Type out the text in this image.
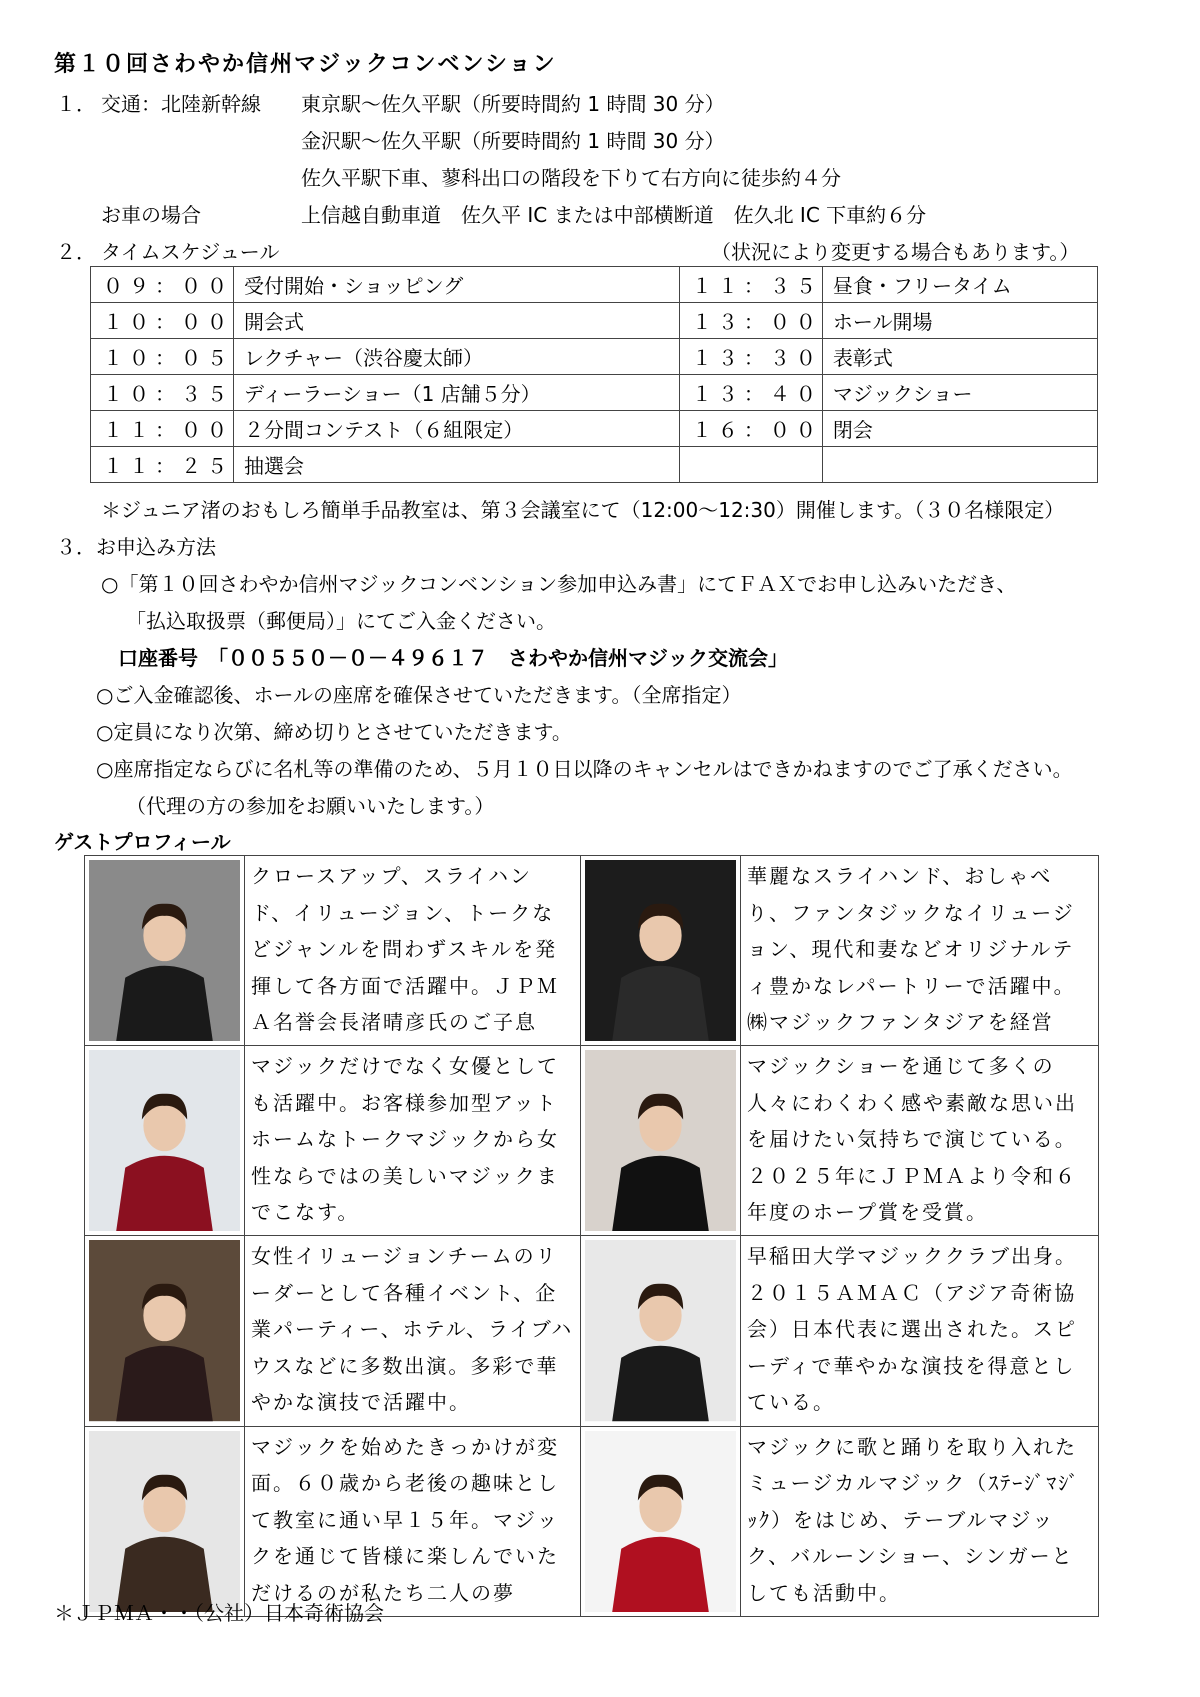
第１０回さわやか信州マジックコンベンション
１． 交通：北陸新幹線 東京駅～佐久平駅（所要時間約 1 時間 30 分）
金沢駅～佐久平駅（所要時間約 1 時間 30 分）
佐久平駅下車、蓼科出口の階段を下りて右方向に徒歩約４分
お車の場合	上信越自動車道　佐久平 IC または中部横断道　佐久北 IC 下車約６分
２． タイムスケジュール	（状況により変更する場合もあります。）
０９：００	受付開始・ショッピング	１１：３５	昼食・フリータイム
１０：００	開会式	１３：００	ホール開場
１０：０５	レクチャー（渋谷慶太師）	１３：３０	表彰式
１０：３５	ディーラーショー（1 店舗５分）	１３：４０	マジックショー
１１：００	２分間コンテスト（６組限定）	１６：００	閉会
１１：２５	抽選会		
＊ジュニア渚のおもしろ簡単手品教室は、第３会議室にて（12:00～12:30）開催します。（３０名様限定）
３． お申込み方法
○「第１０回さわやか信州マジックコンベンション参加申込み書」にてＦＡＸでお申し込みいただき、
「払込取扱票（郵便局）」にてご入金ください。
口座番号　「００５５０－０－４９６１７　さわやか信州マジック交流会」
○ご入金確認後、ホールの座席を確保させていただきます。（全席指定）
○定員になり次第、締め切りとさせていただきます。
○座席指定ならびに名札等の準備のため、５月１０日以降のキャンセルはできかねますのでご了承ください。
（代理の方の参加をお願いいたします。）
ゲストプロフィール
	クロースアップ、スライハンド、イリュージョン、トークなどジャンルを問わずスキルを発揮して各方面で活躍中。ＪＰＭＡ名誉会長渚晴彦氏のご子息		華麗なスライハンド、おしゃべり、ファンタジックなイリュージョン、現代和妻などオリジナルティ豊かなレパートリーで活躍中。㈱マジックファンタジアを経営

	マジックだけでなく女優としても活躍中。お客様参加型アットホームなトークマジックから女性ならではの美しいマジックまでこなす。		マジックショーを通じて多くの人々にわくわく感や素敵な思い出を届けたい気持ちで演じている。２０２５年にＪＰＭＡより令和６年度のホープ賞を受賞。

	女性イリュージョンチームのリーダーとして各種イベント、企業パーティー、ホテル、ライブハウスなどに多数出演。多彩で華やかな演技で活躍中。		早稲田大学マジッククラブ出身。２０１５ＡＭＡＣ（アジア奇術協会）日本代表に選出された。スピーディで華やかな演技を得意としている。

	マジックを始めたきっかけが変面。６０歳から老後の趣味として教室に通い早１５年。マジックを通じて皆様に楽しんでいただけるのが私たち二人の夢		マジックに歌と踊りを取り入れたミュージカルマジック（ｽﾃｰｼﾞﾏｼﾞｯｸ）をはじめ、テーブルマジック、バルーンショー、シンガーとしても活動中。
＊ＪＰＭＡ・・（公社）日本奇術協会
